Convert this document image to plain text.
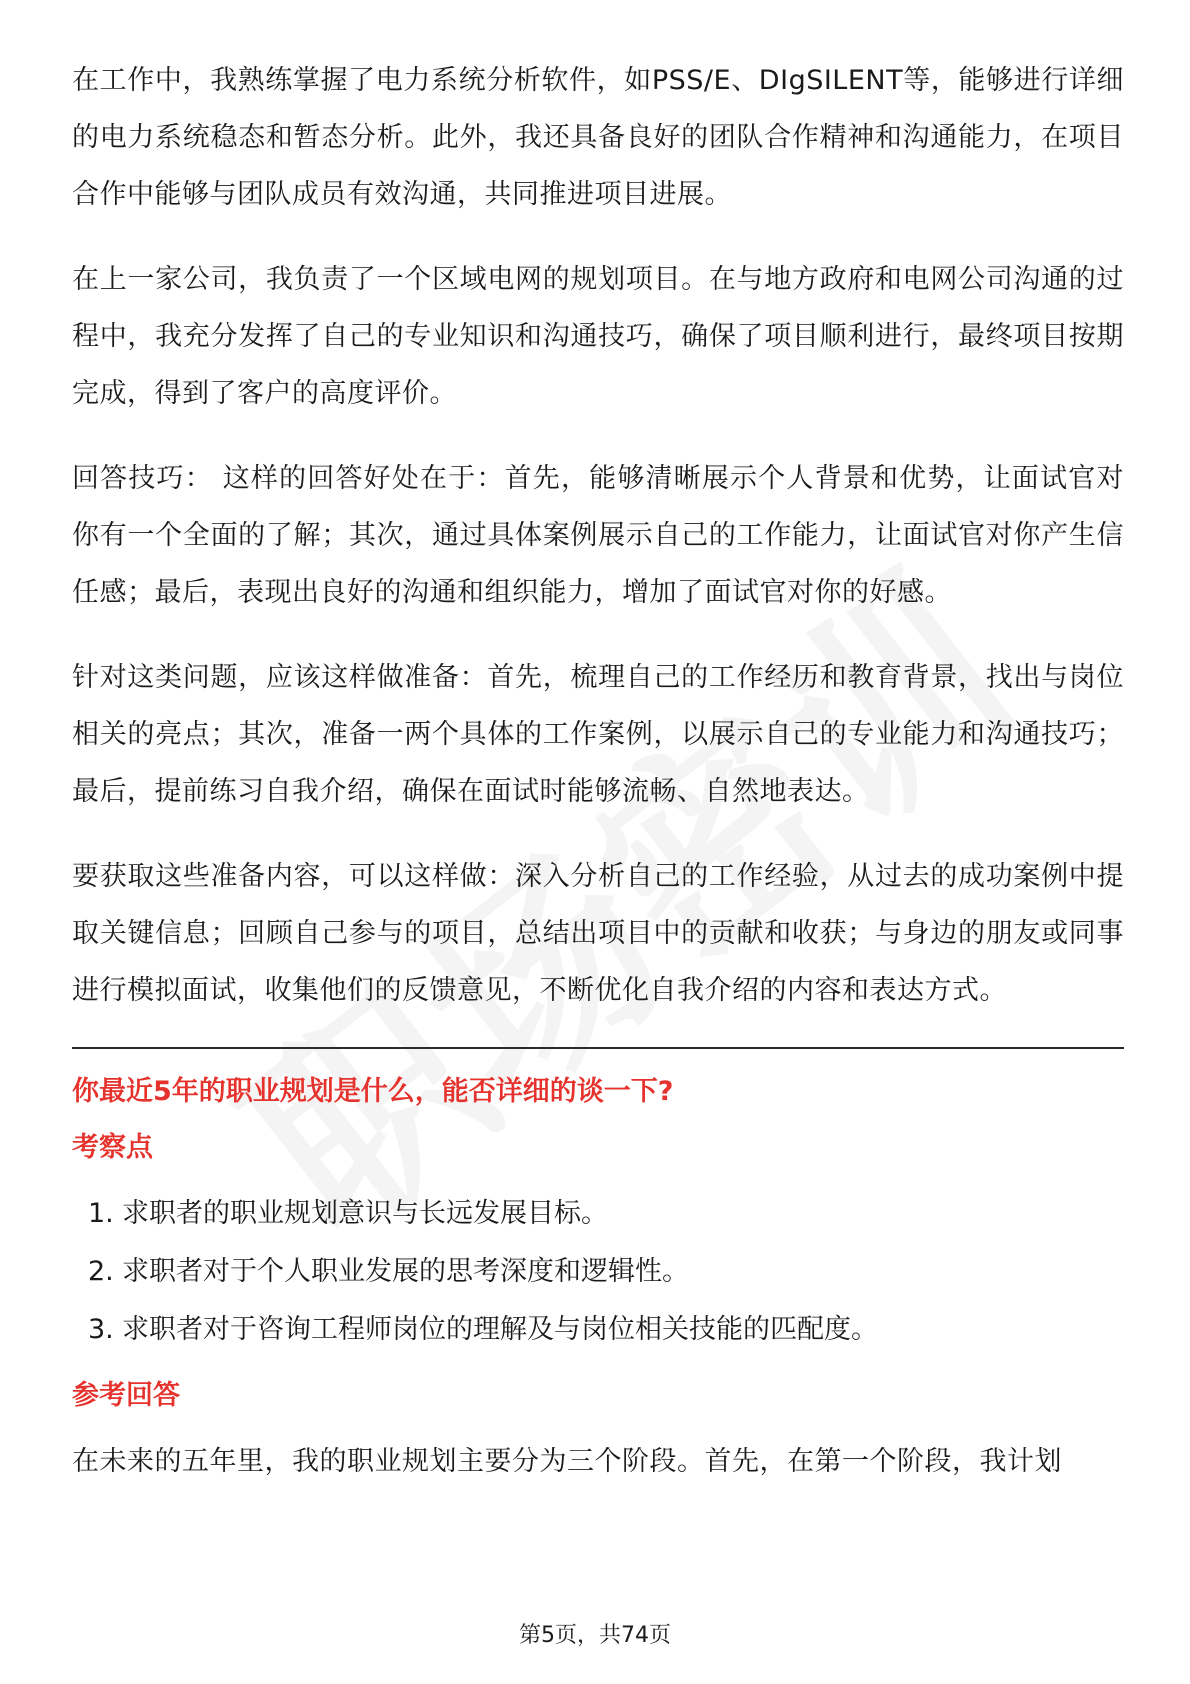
在工作中，我熟练掌握了电力系统分析软件，如PSS/E、DIgSILENT等，能够进行详细的电力系统稳态和暂态分析。此外，我还具备良好的团队合作精神和沟通能力，在项目合作中能够与团队成员有效沟通，共同推进项目进展。

在上一家公司，我负责了一个区域电网的规划项目。在与地方政府和电网公司沟通的过程中，我充分发挥了自己的专业知识和沟通技巧，确保了项目顺利进行，最终项目按期完成，得到了客户的高度评价。

回答技巧： 这样的回答好处在于：首先，能够清晰展示个人背景和优势，让面试官对你有一个全面的了解；其次，通过具体案例展示自己的工作能力，让面试官对你产生信任感；最后，表现出良好的沟通和组织能力，增加了面试官对你的好感。

针对这类问题，应该这样做准备：首先，梳理自己的工作经历和教育背景，找出与岗位相关的亮点；其次，准备一两个具体的工作案例，以展示自己的专业能力和沟通技巧；最后，提前练习自我介绍，确保在面试时能够流畅、自然地表达。

要获取这些准备内容，可以这样做：深入分析自己的工作经验，从过去的成功案例中提取关键信息；回顾自己参与的项目，总结出项目中的贡献和收获；与身边的朋友或同事进行模拟面试，收集他们的反馈意见，不断优化自我介绍的内容和表达方式。

你最近5年的职业规划是什么，能否详细的谈一下?
考察点
1. 求职者的职业规划意识与长远发展目标。
2. 求职者对于个人职业发展的思考深度和逻辑性。
3. 求职者对于咨询工程师岗位的理解及与岗位相关技能的匹配度。
参考回答

在未来的五年里，我的职业规划主要分为三个阶段。首先，在第一个阶段，我计划

第5页，共74页
